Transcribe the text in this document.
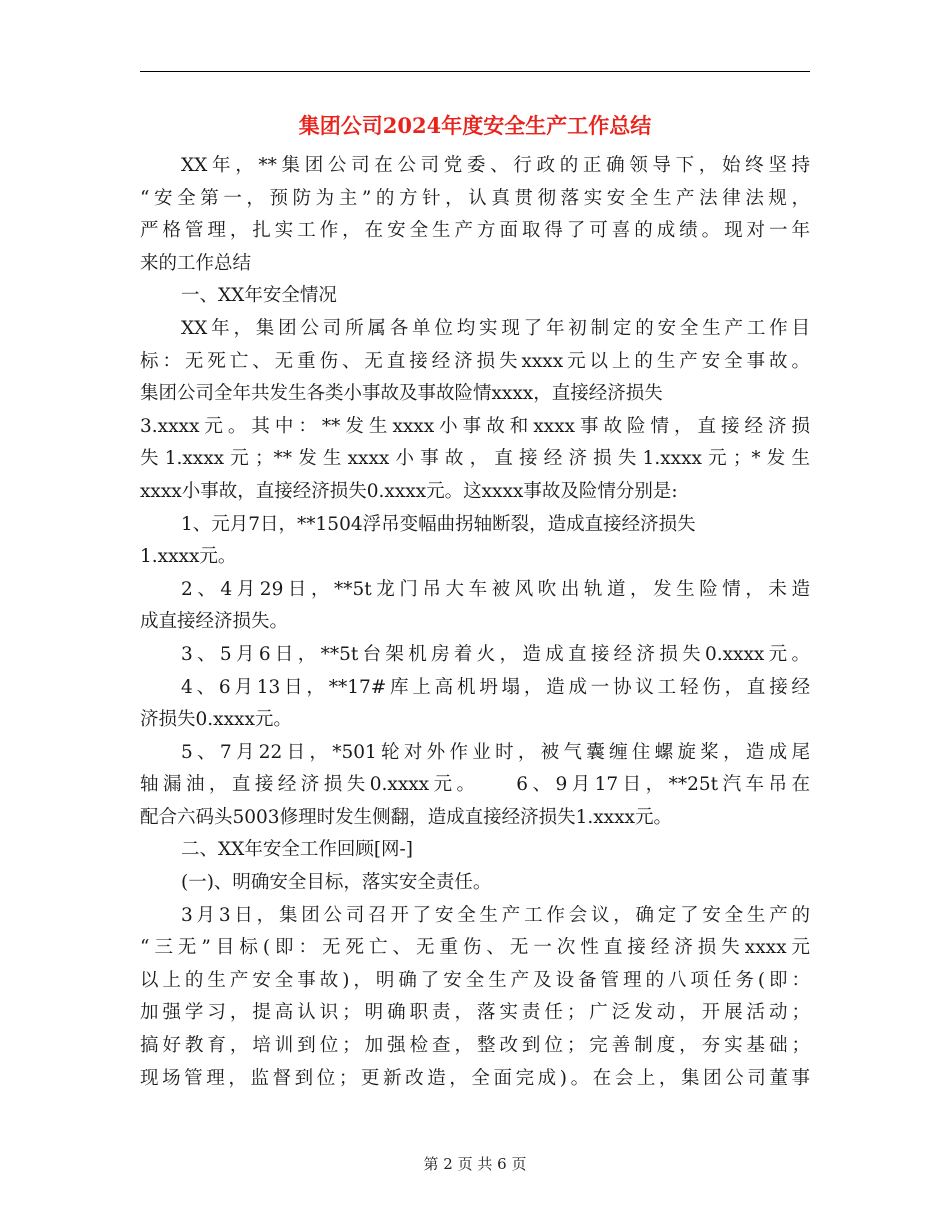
集团公司2024年度安全生产工作总结
XX年，**集团公司在公司党委、行政的正确领导下，始终坚持
“安全第一，预防为主”的方针，认真贯彻落实安全生产法律法规，
严格管理，扎实工作，在安全生产方面取得了可喜的成绩。现对一年
来的工作总结
一、XX年安全情况
XX年，集团公司所属各单位均实现了年初制定的安全生产工作目
标：无死亡、无重伤、无直接经济损失xxxx元以上的生产安全事故。
集团公司全年共发生各类小事故及事故险情xxxx，直接经济损失
3.xxxx元。其中：**发生xxxx小事故和xxxx事故险情，直接经济损
失1.xxxx元；**发生xxxx小事故，直接经济损失1.xxxx元；*发生
xxxx小事故，直接经济损失0.xxxx元。这xxxx事故及险情分别是:
1、元月7日，**1504浮吊变幅曲拐轴断裂，造成直接经济损失
1.xxxx元。
2、4月29日，**5t龙门吊大车被风吹出轨道，发生险情，未造
成直接经济损失。
3、5月6日，**5t台架机房着火，造成直接经济损失0.xxxx元。
4、6月13日，**17#库上高机坍塌，造成一协议工轻伤，直接经
济损失0.xxxx元。
5、7月22日，*501轮对外作业时，被气囊缠住螺旋桨，造成尾
轴漏油，直接经济损失0.xxxx元。　　6、9月17日，**25t汽车吊在
配合六码头5003修理时发生侧翻，造成直接经济损失1.xxxx元。
二、XX年安全工作回顾[网-]
(一)、明确安全目标，落实安全责任。
3月3日，集团公司召开了安全生产工作会议，确定了安全生产的
“三无”目标(即：无死亡、无重伤、无一次性直接经济损失xxxx元
以上的生产安全事故)，明确了安全生产及设备管理的八项任务(即：
加强学习，提高认识；明确职责，落实责任；广泛发动，开展活动；
搞好教育，培训到位；加强检查，整改到位；完善制度，夯实基础；
现场管理，监督到位；更新改造，全面完成)。在会上，集团公司董事
第 2 页 共 6 页
